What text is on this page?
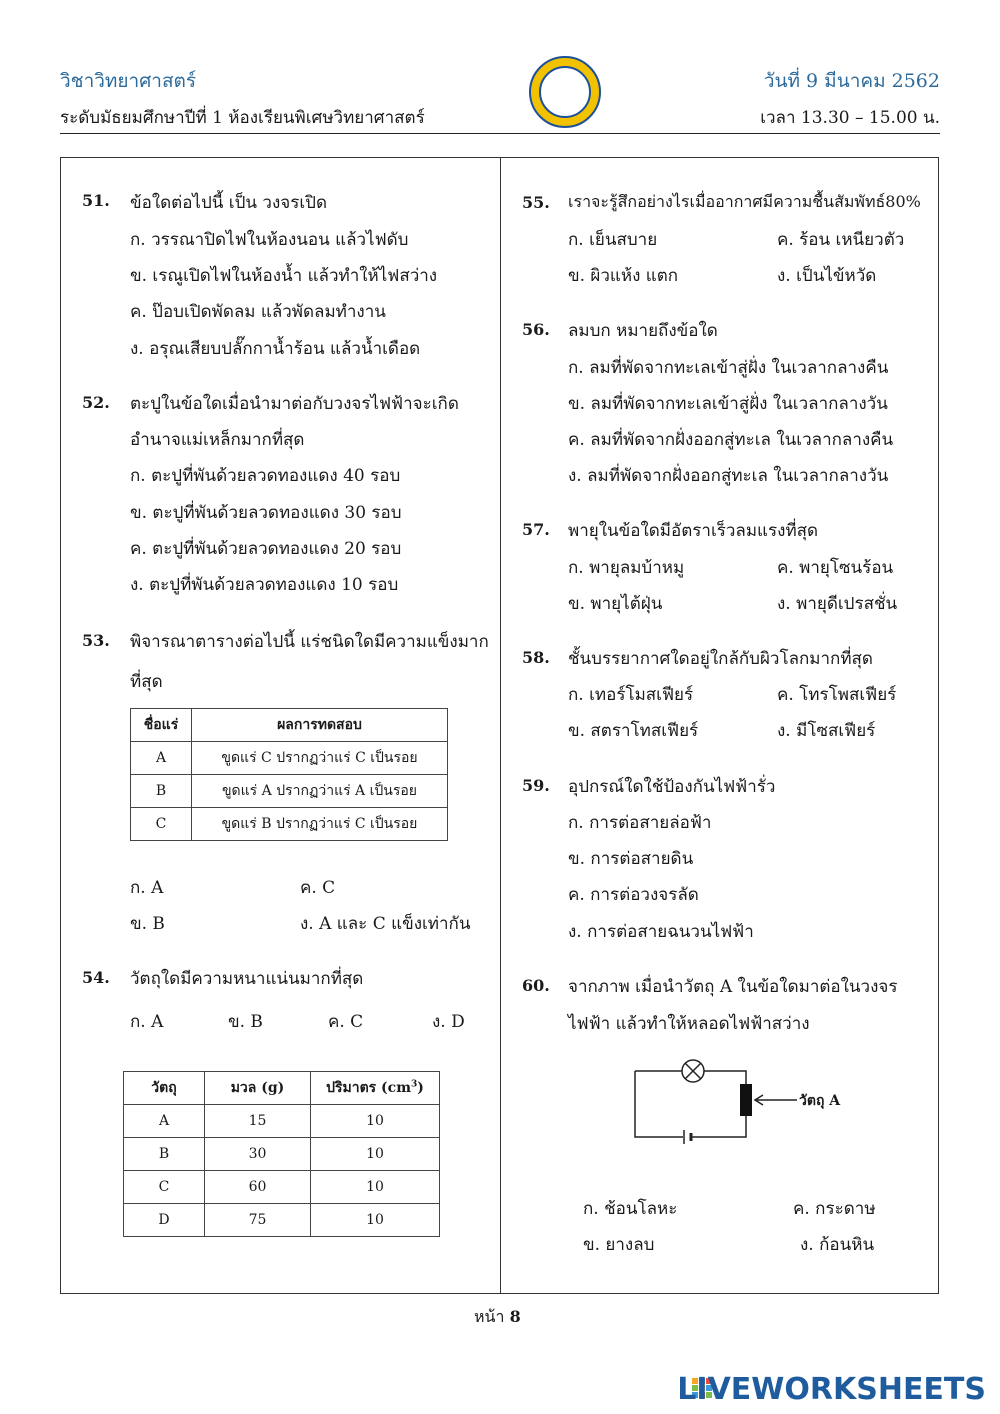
วิชาวิทยาศาสตร์
ระดับมัธยมศึกษาปีที่ 1 ห้องเรียนพิเศษวิทยาศาสตร์
วันที่ 9 มีนาคม 2562
เวลา 13.30 – 15.00 น.
51. ข้อใดต่อไปนี้ เป็น วงจรเปิด
ก. วรรณาปิดไฟในห้องนอน แล้วไฟดับ
ข. เรณูเปิดไฟในห้องน้ำ แล้วทำให้ไฟสว่าง
ค. ป๊อบเปิดพัดลม แล้วพัดลมทำงาน
ง. อรุณเสียบปลั๊กกาน้ำร้อน แล้วน้ำเดือด
52. ตะปูในข้อใดเมื่อนำมาต่อกับวงจรไฟฟ้าจะเกิด
อำนาจแม่เหล็กมากที่สุด
ก. ตะปูที่พันด้วยลวดทองแดง 40 รอบ
ข. ตะปูที่พันด้วยลวดทองแดง 30 รอบ
ค. ตะปูที่พันด้วยลวดทองแดง 20 รอบ
ง. ตะปูที่พันด้วยลวดทองแดง 10 รอบ
53. พิจารณาตารางต่อไปนี้ แร่ชนิดใดมีความแข็งมาก
ที่สุด
ชื่อแร่	ผลการทดสอบ
A	ขูดแร่ C ปรากฏว่าแร่ C เป็นรอย
B	ขูดแร่ A ปรากฏว่าแร่ A เป็นรอย
C	ขูดแร่ B ปรากฏว่าแร่ C เป็นรอย
ก. A	ค. C
ข. B	ง. A และ C แข็งเท่ากัน
54. วัตถุใดมีความหนาแน่นมากที่สุด
ก. A	ข. B	ค. C	ง. D
วัตถุ	มวล (g)	ปริมาตร $(cm^3)$
A	15	10
B	30	10
C	60	10
D	75	10
55. เราจะรู้สึกอย่างไรเมื่ออากาศมีความชื้นสัมพัทธ์80%
ก. เย็นสบาย	ค. ร้อน เหนียวตัว
ข. ผิวแห้ง แตก	ง. เป็นไข้หวัด
56. ลมบก หมายถึงข้อใด
ก. ลมที่พัดจากทะเลเข้าสู่ฝั่ง ในเวลากลางคืน
ข. ลมที่พัดจากทะเลเข้าสู่ฝั่ง ในเวลากลางวัน
ค. ลมที่พัดจากฝั่งออกสู่ทะเล ในเวลากลางคืน
ง. ลมที่พัดจากฝั่งออกสู่ทะเล ในเวลากลางวัน
57. พายุในข้อใดมีอัตราเร็วลมแรงที่สุด
ก. พายุลมบ้าหมู	ค. พายุโซนร้อน
ข. พายุไต้ฝุ่น	ง. พายุดีเปรสชั่น
58. ชั้นบรรยากาศใดอยู่ใกล้กับผิวโลกมากที่สุด
ก. เทอร์โมสเฟียร์	ค. โทรโพสเฟียร์
ข. สตราโทสเฟียร์	ง. มีโซสเฟียร์
59. อุปกรณ์ใดใช้ป้องกันไฟฟ้ารั่ว
ก. การต่อสายล่อฟ้า
ข. การต่อสายดิน
ค. การต่อวงจรลัด
ง. การต่อสายฉนวนไฟฟ้า
60. จากภาพ เมื่อนำวัตถุ A ในข้อใดมาต่อในวงจร
ไฟฟ้า แล้วทำให้หลอดไฟฟ้าสว่าง
วัตถุ A
ก. ช้อนโลหะ	ค. กระดาษ
ข. ยางลบ	ง. ก้อนหิน
หน้า 8
LIVEWORKSHEETS
